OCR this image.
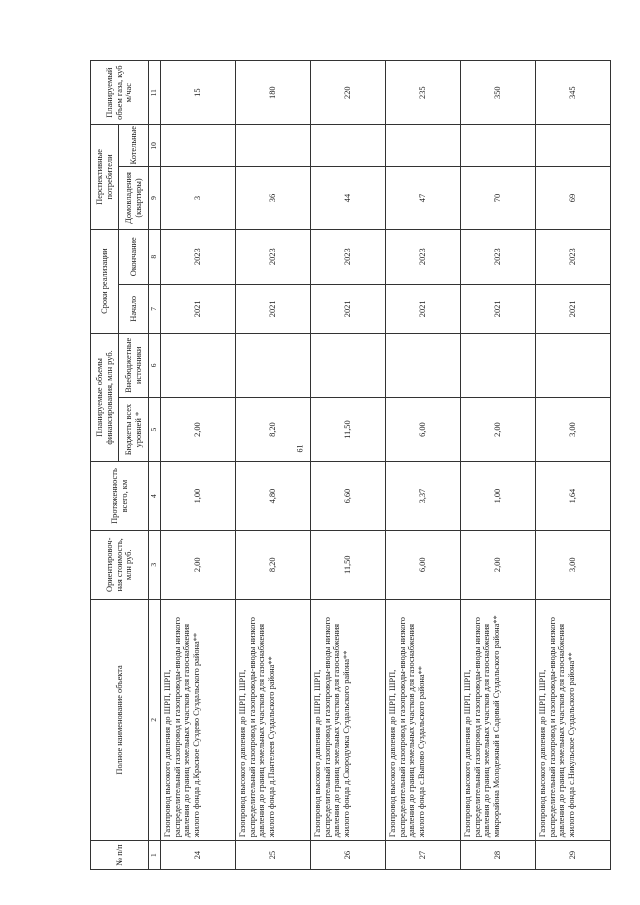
61
№ п/п	Полное наименование объекта	Ориентировоч-ная стоимость, млн руб.	Протяженность всего, км	Планируемые объемы финансирования, млн руб.		Сроки реализации		Перспективные потребители		Планируемый объем газа, куб м/час
				Бюджеты всех уровней *	Внебюджетные источники	Начало	Окончание	Домовладения (квартиры)	Котельные	
1	2	3	4	5	6	7	8	9	10	11
24	Газопровод высокого давления до ШРП, ШРП, распределительный газопровод и газопроводы-вводы низкого давления до границ земельных участков для газоснабжения жилого фонда д.Красное Суздево Суздальского района**	2,00	1,00	2,00		2021	2023	3		15
25	Газопровод высокого давления до ШРП, ШРП, распределительный газопровод и газопроводы-вводы низкого давления до границ земельных участков для газоснабжения жилого фонда д.Пантелеев Суздальского района**	8,20	4,80	8,20		2021	2023	36		180
26	Газопровод высокого давления до ШРП, ШРП, распределительный газопровод и газопроводы-вводы низкого давления до границ земельных участков для газоснабжения жилого фонда д.Скородумка Суздальского района**	11,50	6,60	11,50		2021	2023	44		220
27	Газопровод высокого давления до ШРП, ШРП, распределительный газопровод и газопроводы-вводы низкого давления до границ земельных участков для газоснабжения жилого фонда с.Выпово Суздальского района**	6,00	3,37	6,00		2021	2023	47		235
28	Газопровод высокого давления до ШРП, ШРП, распределительный газопровод и газопроводы-вводы низкого давления до границ земельных участков для газоснабжения микрорайона Молодежный в Садовый Суздальского района**	2,00	1,00	2,00		2021	2023	70		350
29	Газопровод высокого давления до ШРП, ШРП, распределительный газопровод и газопроводы-вводы низкого давления до границ земельных участков для газоснабжения жилого фонда с.Никульское Суздальского района**	3,00	1,64	3,00		2021	2023	69		345
